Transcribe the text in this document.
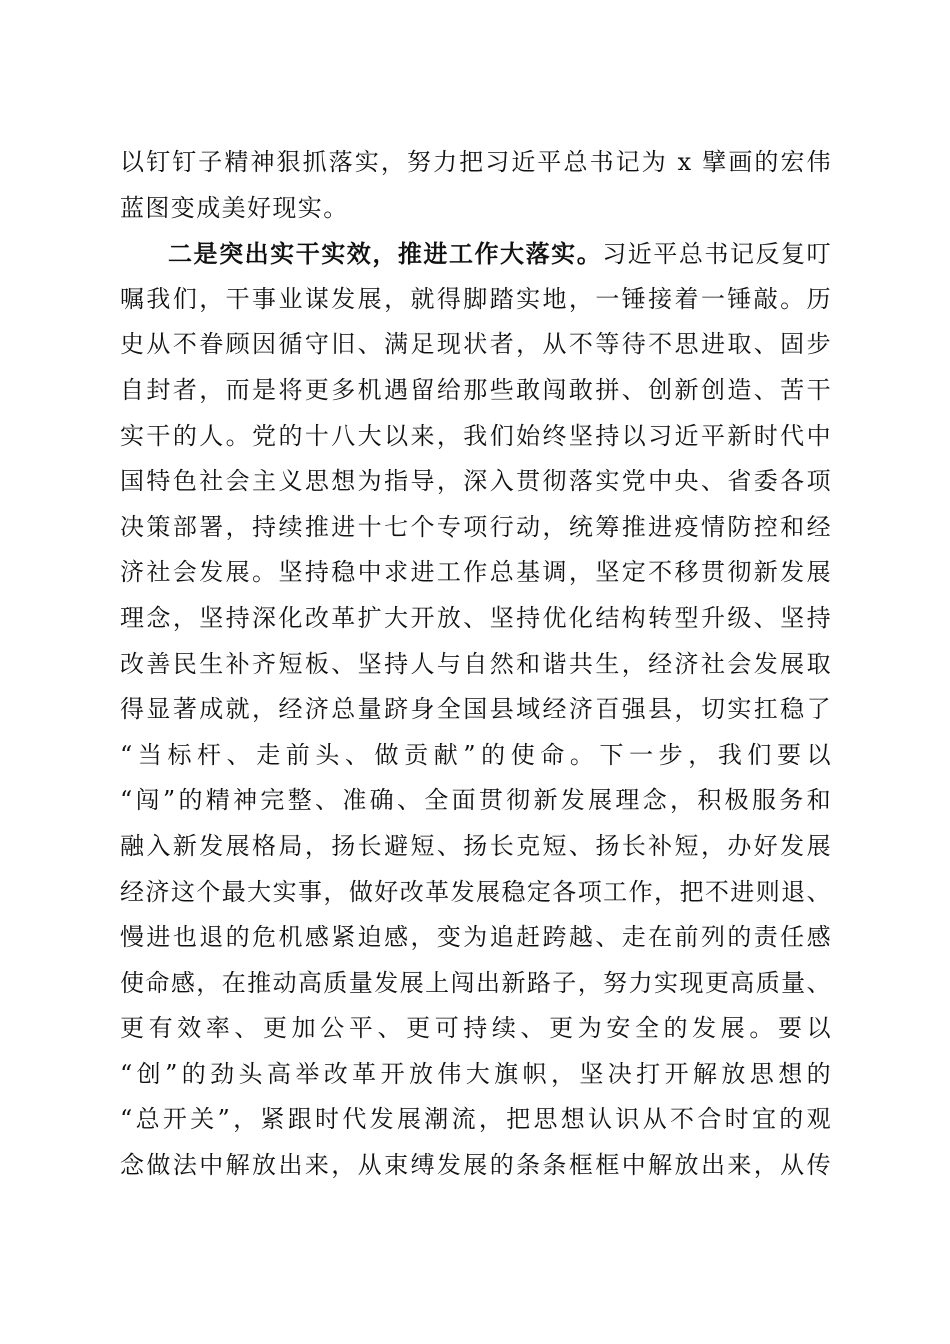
以钉钉子精神狠抓落实，努力把习近平总书记为 x 擘画的宏伟
蓝图变成美好现实。
二是突出实干实效，推进工作大落实。习近平总书记反复叮
嘱我们，干事业谋发展，就得脚踏实地，一锤接着一锤敲。历
史从不眷顾因循守旧、满足现状者，从不等待不思进取、固步
自封者，而是将更多机遇留给那些敢闯敢拼、创新创造、苦干
实干的人。党的十八大以来，我们始终坚持以习近平新时代中
国特色社会主义思想为指导，深入贯彻落实党中央、省委各项
决策部署，持续推进十七个专项行动，统筹推进疫情防控和经
济社会发展。坚持稳中求进工作总基调，坚定不移贯彻新发展
理念，坚持深化改革扩大开放、坚持优化结构转型升级、坚持
改善民生补齐短板、坚持人与自然和谐共生，经济社会发展取
得显著成就，经济总量跻身全国县域经济百强县，切实扛稳了
“当标杆、走前头、做贡献”的使命。下一步，我们要以
“闯”的精神完整、准确、全面贯彻新发展理念，积极服务和
融入新发展格局，扬长避短、扬长克短、扬长补短，办好发展
经济这个最大实事，做好改革发展稳定各项工作，把不进则退、
慢进也退的危机感紧迫感，变为追赶跨越、走在前列的责任感
使命感，在推动高质量发展上闯出新路子，努力实现更高质量、
更有效率、更加公平、更可持续、更为安全的发展。要以
“创”的劲头高举改革开放伟大旗帜，坚决打开解放思想的
“总开关”，紧跟时代发展潮流，把思想认识从不合时宜的观
念做法中解放出来，从束缚发展的条条框框中解放出来，从传
